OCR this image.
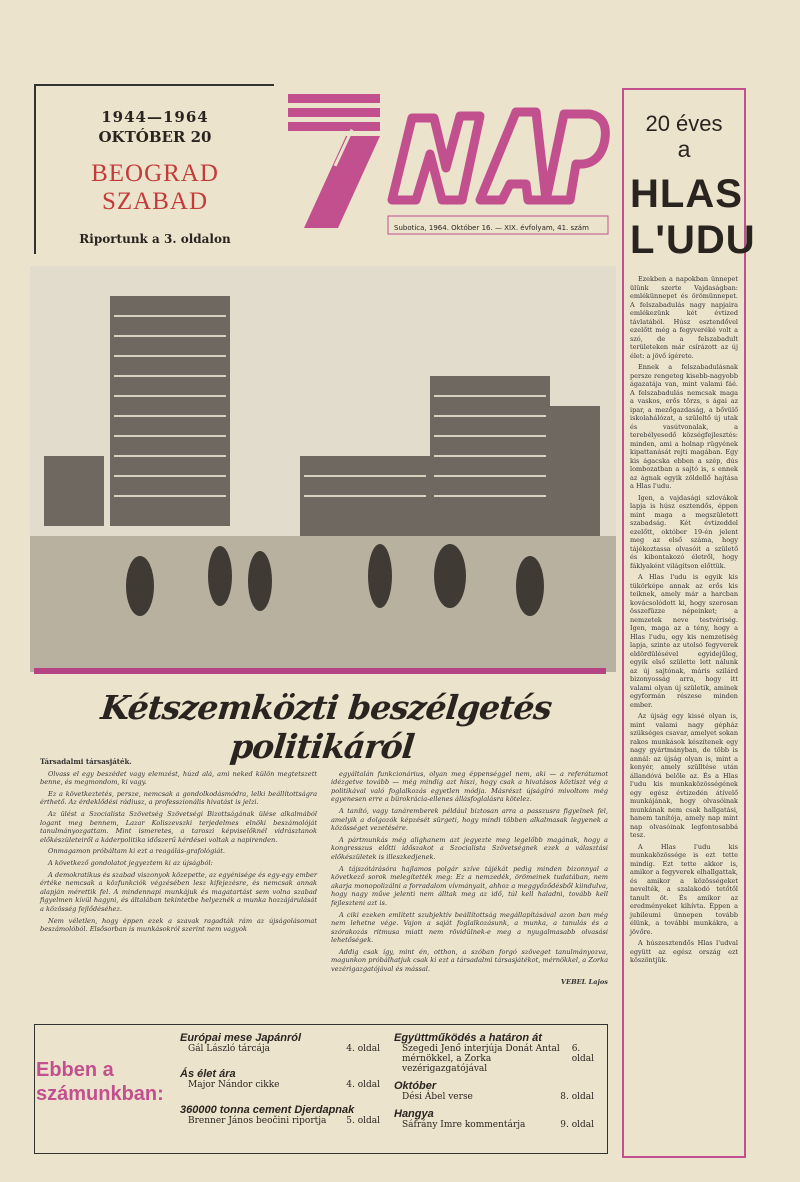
1944—1964
OKTÓBER 20
BEOGRAD SZABAD
Riportunk a 3. oldalon
Subotica, 1964. Október 16. — XIX. évfolyam, 41. szám
20 éves
a
HLAS
L'UDU

Ezekben a napokban ünnepet ülünk szerte Vajdaságban: emlékünnepet és örömünnepet. A felszabadulás nagy napjaira emlékezünk két évtized távlatából. Húsz esztendővel ezelőtt még a fegyveréké volt a szó, de a felszabadult területeken már csírázott az új élet: a jövő ígérete.

Ennek a felszabadulásnak persze rengeteg kisebb-nagyobb ágazatája van, mint valami fáé. A felszabadulás nemcsak maga a vaskos, erős törzs, s ágai az ipar, a mezőgazdaság, a bővülő iskolahálózat, a szüleltő új utak és vasútvonalak, a terebélyesedő községfejlesztés: minden, ami a holnap rügyének kipattanását rejti magában. Egy kis ágacska ebben a szép, dús lombozatban a sajtó is, s ennek az ágnak egyik zöldellő hajtása a Hlas l'udu.

Igen, a vajdasági szlovákok lapja is húsz esztendős, éppen mint maga a megszületett szabadság. Két évtizeddel ezelőtt, október 19-én jelent meg az első száma, hogy tájékoztassa olvasóit a születő és kibontakozó életről, hogy fáklyaként világítson előttük.

A Hlas l'udu is egyik kis tükörképe annak az erős kis teiknek, amely már a harcban kovácsolódott ki, hogy szerosan összefüzze népeinket; a nemzetek neve testvériség. Igen, maga az a tény, hogy a Hlas l'udu, egy kis nemzetiség lapja, szinte az utolsó fegyverek eldördülésével egyidejűleg, egyik első születte lett nálunk az új sajtónak, máris szilárd bizonyosság arra, hogy itt valami olyan új születik, aminek egyformán részese minden ember.

Az újság egy kissé olyan is, mint valami nagy gépház szükséges csavar, amelyet sokan rakos munkások készítenek egy nagy gyártmányban, de több is annál: az újság olyan is, mint a kenyér, amely szülltése után állandóvá belőle az. És a Hlas l'udu kis munkaközösségének egy egész évtizedén átívelő munkájának, hogy olvasóinak munkának nem csak hallgatási, hanem tanítója, amely nap mint nap olvasóinak legfontosabbá tesz.

A Hlas l'udu kis munkaközössége is ezt tette mindig. Ezt tette akkor is, amikor a fegyverek elhallgattak, és amikor a közösségeket nevelték, a szalakodó tetőtől tanult öt. És amikor az eredményeket kihívta. Éppen a jubileumi ünnepen tovább élünk, a további munkákra, a jövőre.

A húszesztendős Hlas l'udval együtt az egész ország ezt köszöntjük.

Kétszemközti beszélgetés politikáról
Társadalmi társasjáték.

Olvass el egy beszédet vagy elemzést, húzd alá, ami neked külön megtetszett benne, és megmondom, ki vagy.

Ez a következtetés, persze, nemcsak a gondolkodásmódra, lelki beállítottságra érthető. Az érdeklődési rádiusz, a professzionális hivatást is jelzi.

Az ülést a Szocialista Szövetség Szövetségi Bizottságának ülése alkalmából logant meg bennem, Lazar Koliszevszki terjedelmes elnöki beszámolóját tanulmányozgattam. Mint ismeretes, a taroszi képviselőknél vidrásztanok előkészületeiről a káderpolitika időszerű kérdései voltak a napirenden.

Onmagamon próbáltam ki ezt a reagálás-grafológiát.

A következő gondolatot jegyeztem ki az újságból:

A demokratikus és szabad viszonyok közepette, az egyénisége és egy-egy ember értéke nemcsak a közfunkciók végzésében lesz kifejezésre, és nemcsak annak alapján mérettik fel. A mindennapi munkájuk és magatartást sem volna szabad figyelmen kívül hagyni, és általában tekintetbe helyeznék a munka hozzájárulását a közösség fejlődéséhez.

Nem véletlen, hogy éppen ezek a szavak ragadták rám az újságolásomat beszámolóból. Elsősorban is munkásokról szerint nem vagyok

egyáltalán funkcionárius, olyan meg éppenséggel nem, aki — a referátumot idézgetve tovább — még mindig azt hiszi, hogy csak a hivatásos köztiszt vég a politikával való foglalkozás egyetlen módja. Másrészt újságíró mivoltom még egyenesen erre a bürokrácia-ellenes állásfoglalásra kötelez.

A tanító, vagy tanáremberek például biztosan arra a passzusra figyelnek fel, amelyik a dolgozók képzését sürgeti, hogy mindi többen alkalmasak legyenek a közösséget vezetésére.

A pártmunkás még alighanem azt jegyezte meg legelőbb magának, hogy a kongresszus előtti időszakot a Szocialista Szövetségnek ezek a választási előkészületek is illeszkedjenek.

A tájszótárásóra hajlamos polgár szíve tájékát pedig minden bizonnyal a következő sorok melegítették meg: Ez a nemzedék, örömeinek tudatában, nem akarja monopolizálni a forradalom vívmányait, ahhoz a meggyőződésből kiindulva, hogy nagy műve jelenti nem álltak meg az idő, túl kell haladni, tovább kell fejleszteni azt is.

A ciki ezeken említett szubjektív beállítottság megállapításával azon ban még nem lehetne vége. Vajon a saját foglalkozásunk, a munka, a tanulás és a szórakozás ritmusa miatt nem rövidülnek-e meg a nyugalmasabb olvasási lehetőségek.

Addig csak így, mint én, otthon, a szóban forgó szöveget tanulmányozva, magunkon próbálhatjuk csak ki ezt a társadalmi társasjátékot, mérnökkel, a Zorka vezérigazgatójával és mással.

VEBEL Lajos
Ebben a számunkban:
Európai mese Japánról
Gál László tárcája	4. oldal
Ás élet ára
Major Nándor cikke	4. oldal
360000 tonna cement Djerdapnak
Brenner János beočini riportja 5. oldal
Együttműködés a határon át
Szegedi Jenő interjúja Donát Antal mérnökkel, a Zorka vezérigazgatójával
6. oldal
Október
Dési Ábel verse	8. oldal
Hangya
Sáfrány Imre kommentárja	9. oldal
